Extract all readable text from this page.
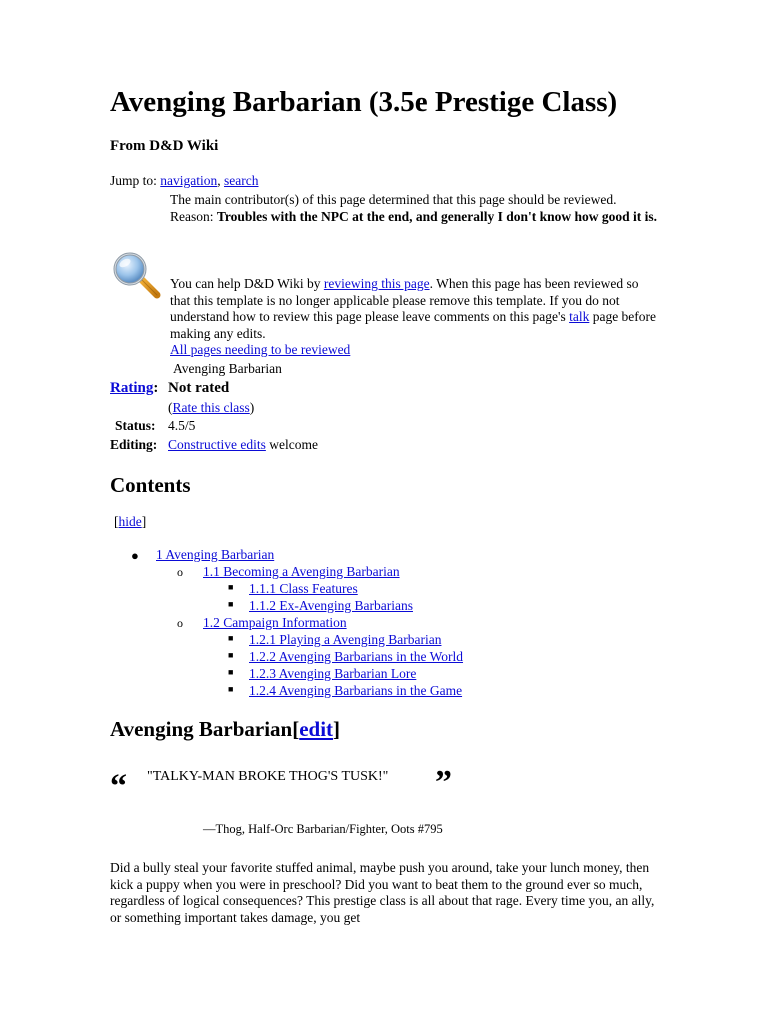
Avenging Barbarian (3.5e Prestige Class)
From D&D Wiki
Jump to: navigation, search
The main contributor(s) of this page determined that this page should be reviewed. Reason: Troubles with the NPC at the end, and generally I don't know how good it is.
You can help D&D Wiki by reviewing this page. When this page has been reviewed so that this template is no longer applicable please remove this template. If you do not understand how to review this page please leave comments on this page's talk page before making any edits.
All pages needing to be reviewed
Avenging Barbarian
Rating: Not rated
(Rate this class)
Status: 4.5/5
Editing: Constructive edits welcome
Contents
[hide]
● 1 Avenging Barbarian
o 1.1 Becoming a Avenging Barbarian
■ 1.1.1 Class Features
■ 1.1.2 Ex-Avenging Barbarians
o 1.2 Campaign Information
■ 1.2.1 Playing a Avenging Barbarian
■ 1.2.2 Avenging Barbarians in the World
■ 1.2.3 Avenging Barbarian Lore
■ 1.2.4 Avenging Barbarians in the Game
Avenging Barbarian[edit]
“ "TALKY-MAN BROKE THOG'S TUSK!" ”
—Thog, Half-Orc Barbarian/Fighter, Oots #795
Did a bully steal your favorite stuffed animal, maybe push you around, take your lunch money, then kick a puppy when you were in preschool? Did you want to beat them to the ground ever so much, regardless of logical consequences? This prestige class is all about that rage. Every time you, an ally, or something important takes damage, you get
